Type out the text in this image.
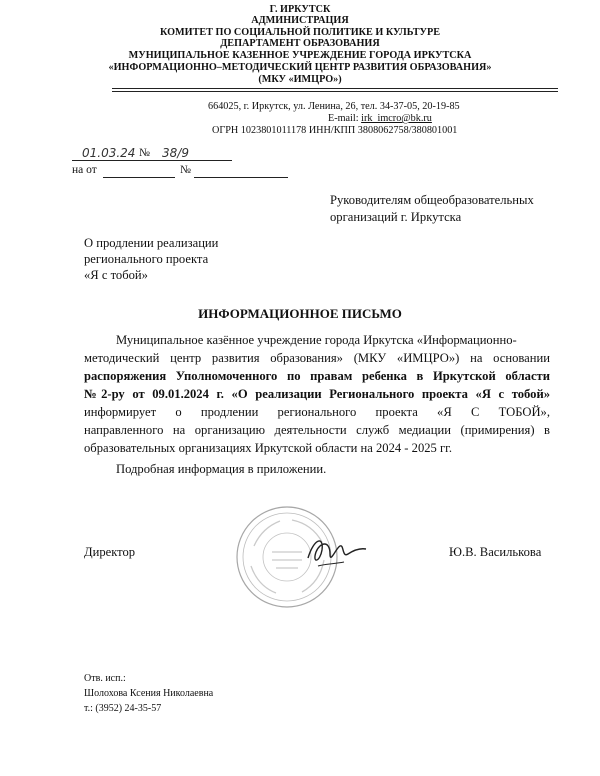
Г. ИРКУТСК
АДМИНИСТРАЦИЯ
КОМИТЕТ ПО СОЦИАЛЬНОЙ ПОЛИТИКЕ И КУЛЬТУРЕ
ДЕПАРТАМЕНТ ОБРАЗОВАНИЯ
МУНИЦИПАЛЬНОЕ КАЗЕННОЕ УЧРЕЖДЕНИЕ ГОРОДА ИРКУТСКА
«ИНФОРМАЦИОННО–МЕТОДИЧЕСКИЙ ЦЕНТР РАЗВИТИЯ ОБРАЗОВАНИЯ»
(МКУ «ИМЦРО»)
664025, г. Иркутск, ул. Ленина, 26, тел. 34-37-05, 20-19-85
E-mail: irk_imcro@bk.ru
ОГРН 1023801011178 ИНН/КПП 3808062758/380801001
01.03.24 № 38/9
на от	№
Руководителям общеобразовательных
организаций г. Иркутска
О продлении реализации
регионального проекта
«Я с тобой»
ИНФОРМАЦИОННОЕ ПИСЬМО
Муниципальное казённое учреждение города Иркутска «Информационно-
методический центр развития образования» (МКУ «ИМЦРО») на основании
распоряжения Уполномоченного по правам ребенка в Иркутской области
№2-ру от 09.01.2024 г. «О реализации Регионального проекта «Я с тобой»
информирует о продлении регионального проекта «Я С ТОБОЙ»,
направленного на организацию деятельности служб медиации (примирения) в
образовательных организациях Иркутской области на 2024 - 2025 гг.
Подробная информация в приложении.
Директор	Ю.В. Василькова
Отв. исп.:
Шолохова Ксения Николаевна
т.: (3952) 24-35-57
